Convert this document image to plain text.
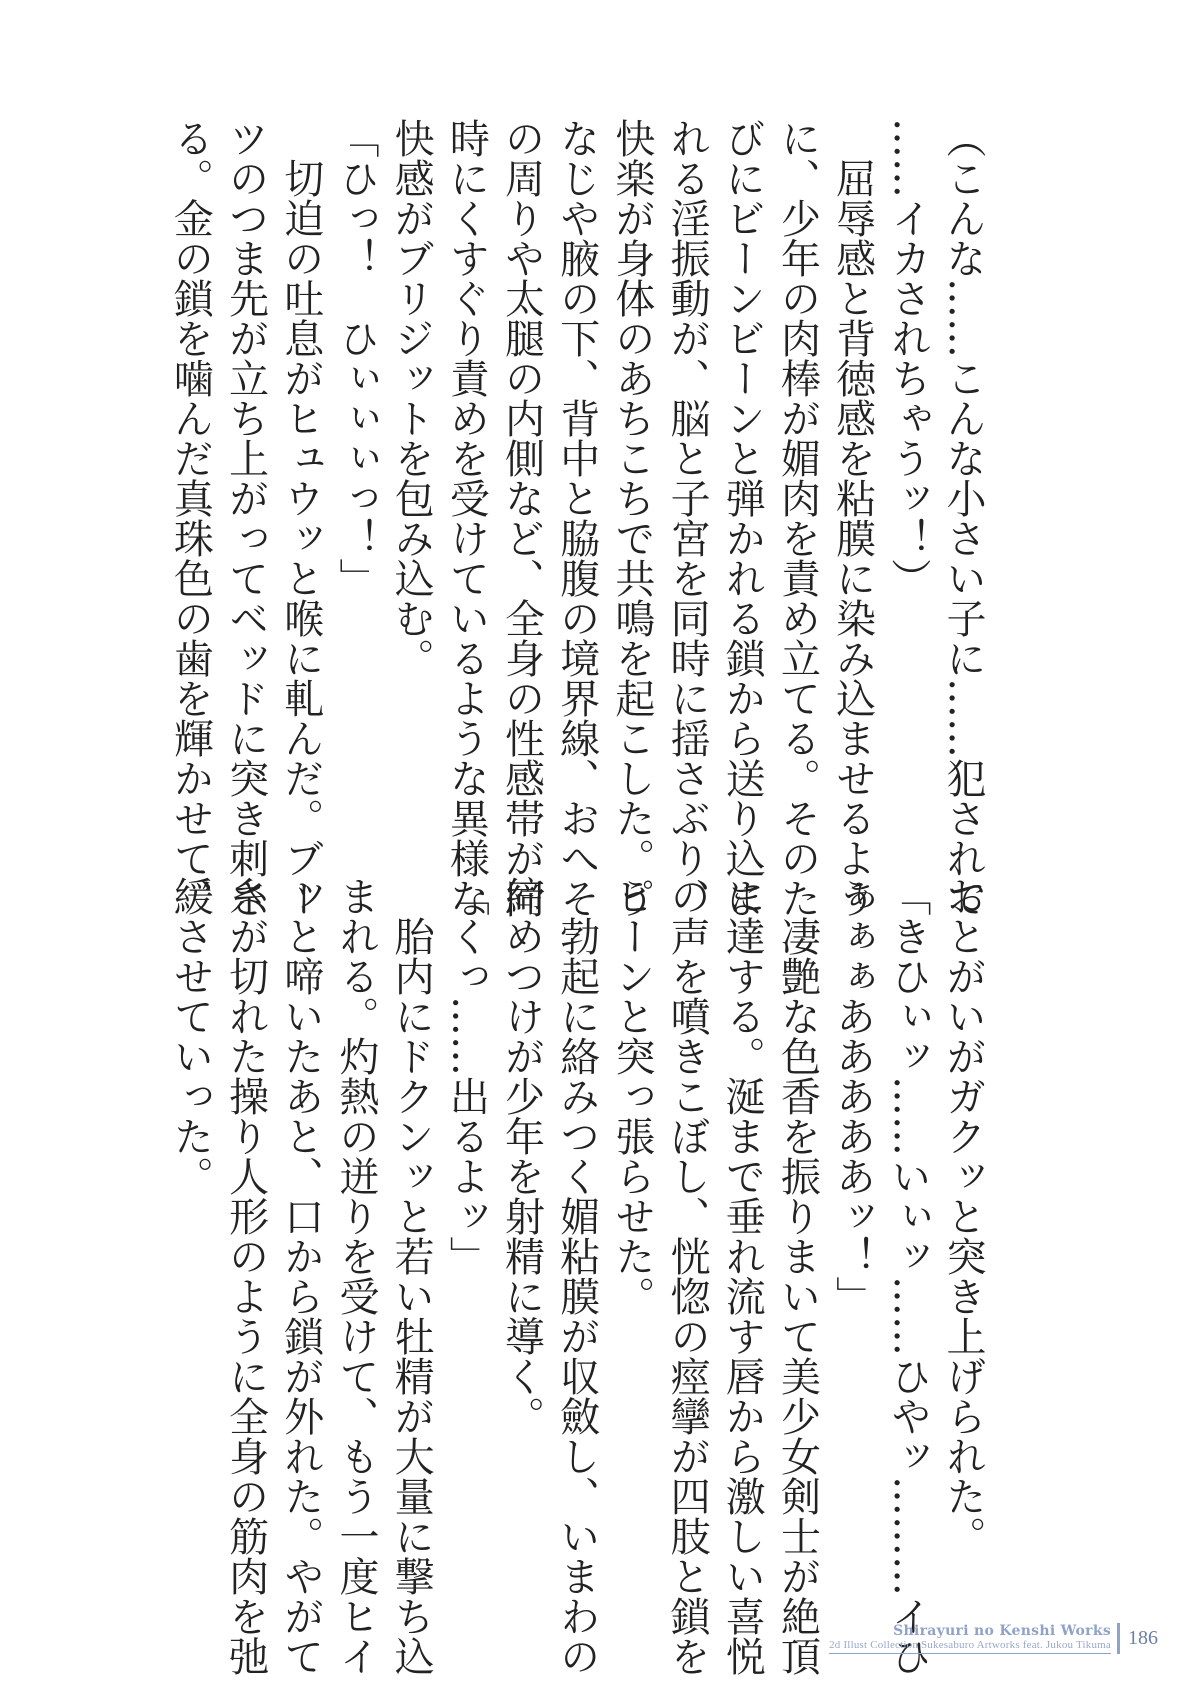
（こんな……こんな小さい子に……犯されて
……イカされちゃうッ！）
　屈辱感と背徳感を粘膜に染み込ませるよう
に、少年の肉棒が媚肉を責め立てる。そのた
びにビーンビーンと弾かれる鎖から送り込ま
れる淫振動が、脳と子宮を同時に揺さぶり、
快楽が身体のあちこちで共鳴を起こした。う
なじや腋の下、背中と脇腹の境界線、おへそ
の周りや太腿の内側など、全身の性感帯が同
時にくすぐり責めを受けているような異様な
快感がブリジットを包み込む。
「ひっ！　ひぃぃぃっ！」
　切迫の吐息がヒュウッと喉に軋んだ。ブー
ツのつま先が立ち上がってベッドに突き刺さ
る。金の鎖を噛んだ真珠色の歯を輝かせて、
おとがいがガクッと突き上げられた。
「きひぃッ……いぃッ……ひやッ………イひ
ぁぁぁあああああッ！」
　凄艶な色香を振りまいて美少女剣士が絶頂
に達する。涎まで垂れ流す唇から激しい喜悦
の声を噴きこぼし、恍惚の痙攣が四肢と鎖を
ピーンと突っ張らせた。
　勃起に絡みつく媚粘膜が収斂し、いまわの
締めつけが少年を射精に導く。
「くっ……出るよッ」
　胎内にドクンッと若い牡精が大量に撃ち込
まれる。灼熱の迸りを受けて、もう一度ヒイ
ッと啼いたあと、口から鎖が外れた。やがて
糸が切れた操り人形のように全身の筋肉を弛
緩させていった。
Shirayuri no Kenshi Works
2d Illust Collection Sukesaburo Artworks feat. Jukou Tikuma 186
